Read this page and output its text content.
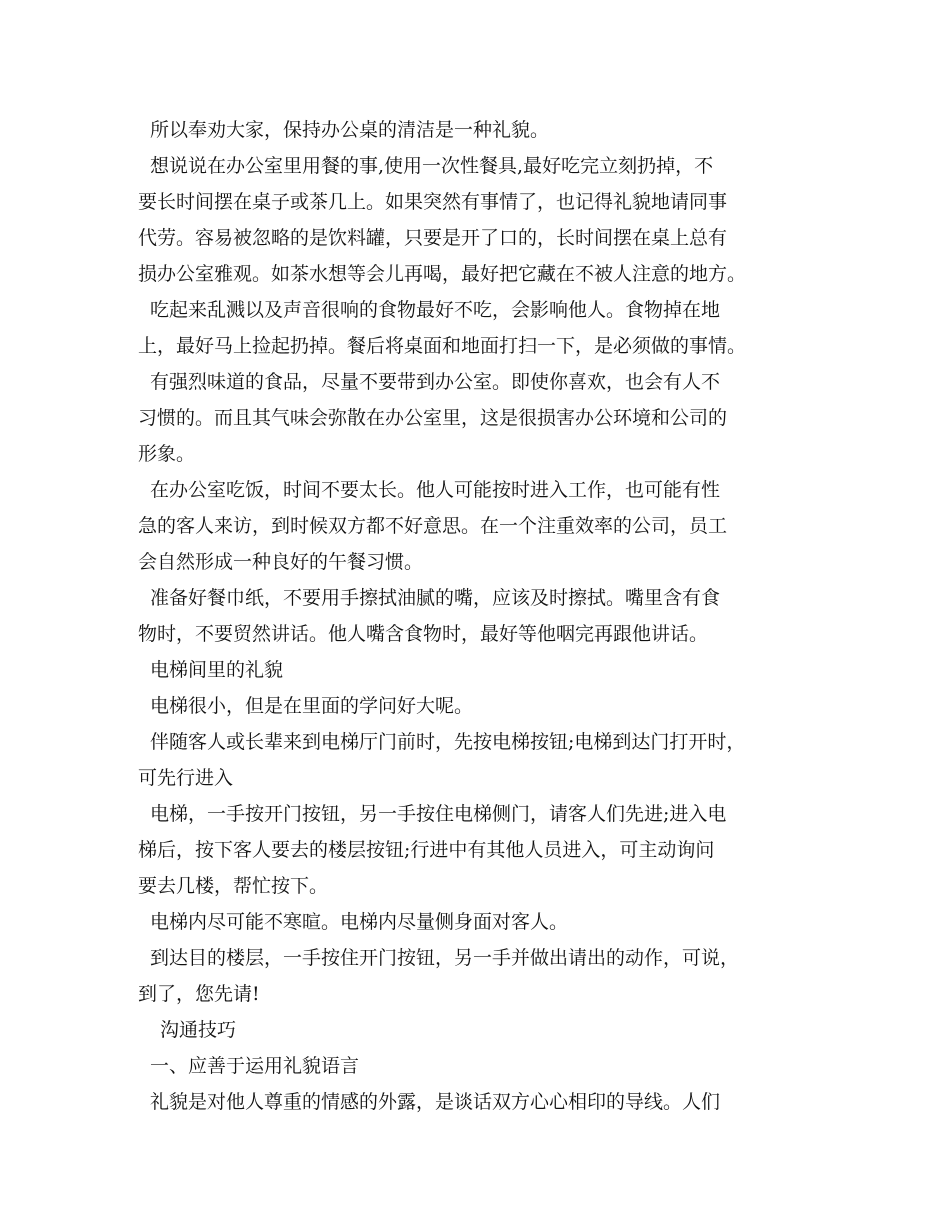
所以奉劝大家，保持办公桌的清洁是一种礼貌。
想说说在办公室里用餐的事,使用一次性餐具,最好吃完立刻扔掉，不
要长时间摆在桌子或茶几上。如果突然有事情了，也记得礼貌地请同事
代劳。容易被忽略的是饮料罐，只要是开了口的，长时间摆在桌上总有
损办公室雅观。如茶水想等会儿再喝，最好把它藏在不被人注意的地方。
吃起来乱溅以及声音很响的食物最好不吃，会影响他人。食物掉在地
上，最好马上捡起扔掉。餐后将桌面和地面打扫一下，是必须做的事情。
有强烈味道的食品，尽量不要带到办公室。即使你喜欢，也会有人不
习惯的。而且其气味会弥散在办公室里，这是很损害办公环境和公司的
形象。
在办公室吃饭，时间不要太长。他人可能按时进入工作，也可能有性
急的客人来访，到时候双方都不好意思。在一个注重效率的公司，员工
会自然形成一种良好的午餐习惯。
准备好餐巾纸，不要用手擦拭油腻的嘴，应该及时擦拭。嘴里含有食
物时，不要贸然讲话。他人嘴含食物时，最好等他咽完再跟他讲话。
电梯间里的礼貌
电梯很小，但是在里面的学问好大呢。
伴随客人或长辈来到电梯厅门前时，先按电梯按钮;电梯到达门打开时，
可先行进入
电梯，一手按开门按钮，另一手按住电梯侧门，请客人们先进;进入电
梯后，按下客人要去的楼层按钮;行进中有其他人员进入，可主动询问
要去几楼，帮忙按下。
电梯内尽可能不寒暄。电梯内尽量侧身面对客人。
到达目的楼层，一手按住开门按钮，另一手并做出请出的动作，可说，
到了，您先请!
沟通技巧
一、应善于运用礼貌语言
礼貌是对他人尊重的情感的外露，是谈话双方心心相印的导线。人们
